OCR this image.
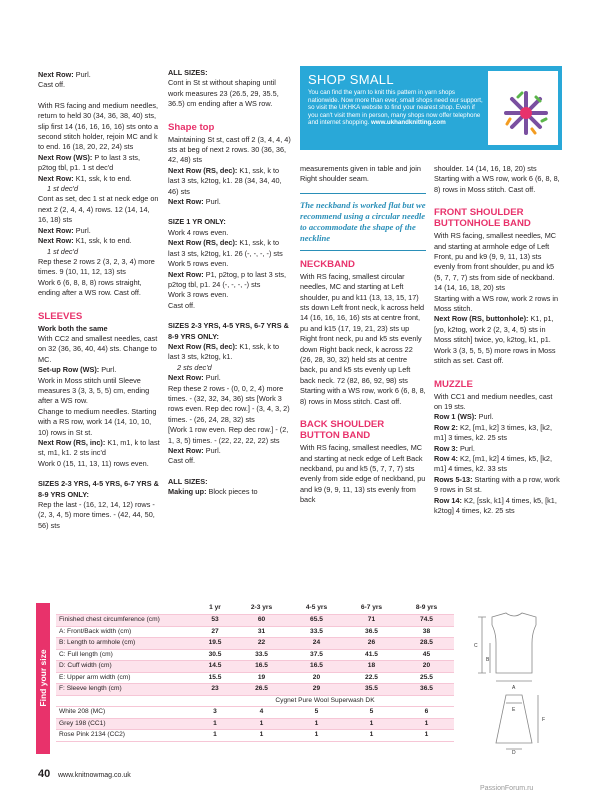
Next Row: Purl.

Cast off.

With RS facing and medium needles, return to held 30 (34, 36, 38, 40) sts, slip first 14 (16, 16, 16, 16) sts onto a second stitch holder, rejoin MC and k to end. 16 (18, 20, 22, 24) sts

Next Row (WS): P to last 3 sts, p2tog tbl, p1. 1 st dec'd

Next Row: K1, ssk, k to end.

1 st dec'd

Cont as set, dec 1 st at neck edge on next 2 (2, 4, 4, 4) rows. 12 (14, 14, 16, 18) sts

Next Row: Purl.

Next Row: K1, ssk, k to end.

1 st dec'd

Rep these 2 rows 2 (3, 2, 3, 4) more times. 9 (10, 11, 12, 13) sts

Work 6 (6, 8, 8, 8) rows straight, ending after a WS row. Cast off.

SLEEVES

Work both the same

With CC2 and smallest needles, cast on 32 (36, 36, 40, 44) sts. Change to MC.

Set-up Row (WS): Purl.

Work in Moss stitch until Sleeve measures 3 (3, 3, 5, 5) cm, ending after a WS row.

Change to medium needles. Starting with a RS row, work 14 (14, 10, 10, 10) rows in St st.

Next Row (RS, inc): K1, m1, k to last st, m1, k1. 2 sts inc'd

Work 0 (15, 11, 13, 11) rows even.

SIZES 2-3 YRS, 4-5 YRS, 6-7 YRS & 8-9 YRS ONLY:

Rep the last - (16, 12, 14, 12) rows - (2, 3, 4, 5) more times. - (42, 44, 50, 56) sts

ALL SIZES:

Cont in St st without shaping until work measures 23 (26.5, 29, 35.5, 36.5) cm ending after a WS row.

Shape top

Maintaining St st, cast off 2 (3, 4, 4, 4) sts at beg of next 2 rows. 30 (36, 36, 42, 48) sts

Next Row (RS, dec): K1, ssk, k to last 3 sts, k2tog, k1. 28 (34, 34, 40, 46) sts

Next Row: Purl.

SIZE 1 YR ONLY:

Work 4 rows even.

Next Row (RS, dec): K1, ssk, k to last 3 sts, k2tog, k1. 26 (-, -, -, -) sts

Work 5 rows even.

Next Row: P1, p2tog, p to last 3 sts, p2tog tbl, p1. 24 (-, -, -, -) sts

Work 3 rows even.

Cast off.

SIZES 2-3 YRS, 4-5 YRS, 6-7 YRS & 8-9 YRS ONLY:

Next Row (RS, dec): K1, ssk, k to last 3 sts, k2tog, k1.

2 sts dec'd

Next Row: Purl.

Rep these 2 rows - (0, 0, 2, 4) more times. - (32, 32, 34, 36) sts [Work 3 rows even. Rep dec row.] - (3, 4, 3, 2) times. - (26, 24, 28, 32) sts

[Work 1 row even. Rep dec row.] - (2, 1, 3, 5) times. - (22, 22, 22, 22) sts

Next Row: Purl.

Cast off.

ALL SIZES:

Making up: Block pieces to

measurements given in table and join Right shoulder seam.

The neckband is worked flat but we recommend using a circular needle to accommodate the shape of the neckline
NECKBAND

With RS facing, smallest circular needles, MC and starting at Left shoulder, pu and k11 (13, 13, 15, 17) sts down Left front neck, k across held 14 (16, 16, 16, 16) sts at centre front, pu and k15 (17, 19, 21, 23) sts up Right front neck, pu and k5 sts evenly down Right back neck, k across 22 (26, 28, 30, 32) held sts at centre back, pu and k5 sts evenly up Left back neck. 72 (82, 86, 92, 98) sts

Starting with a WS row, work 6 (6, 8, 8, 8) rows in Moss stitch. Cast off.

BACK SHOULDER BUTTON BAND

With RS facing, smallest needles, MC and starting at neck edge of Left Back neckband, pu and k5 (5, 7, 7, 7) sts evenly from side edge of neckband, pu and k9 (9, 9, 11, 13) sts evenly from back

shoulder. 14 (14, 16, 18, 20) sts Starting with a WS row, work 6 (6, 8, 8, 8) rows in Moss stitch. Cast off.

FRONT SHOULDER BUTTONHOLE BAND

With RS facing, smallest needles, MC and starting at armhole edge of Left Front, pu and k9 (9, 9, 11, 13) sts evenly from front shoulder, pu and k5 (5, 7, 7, 7) sts from side of neckband. 14 (14, 16, 18, 20) sts

Starting with a WS row, work 2 rows in Moss stitch.

Next Row (RS, buttonhole): K1, p1, [yo, k2tog, work 2 (2, 3, 4, 5) sts in Moss stitch] twice, yo, k2tog, k1, p1.

Work 3 (3, 5, 5, 5) more rows in Moss stitch as set. Cast off.

MUZZLE

With CC1 and medium needles, cast on 19 sts.

Row 1 (WS): Purl.

Row 2: K2, [m1, k2] 3 times, k3, [k2, m1] 3 times, k2. 25 sts

Row 3: Purl.

Row 4: K2, [m1, k2] 4 times, k5, [k2, m1] 4 times, k2. 33 sts

Rows 5-13: Starting with a p row, work 9 rows in St st.

Row 14: K2, [ssk, k1] 4 times, k5, [k1, k2tog] 4 times, k2. 25 sts

SHOP SMALL
You can find the yarn to knit this pattern in yarn shops nationwide. Now more than ever, small shops need our support, so visit the UKHKA website to find your nearest shop. Even if you can't visit them in person, many shops now offer telephone and internet shopping. www.ukhandknitting.com
Find your size
	1 yr	2-3 yrs	4-5 yrs	6-7 yrs	8-9 yrs
Finished chest circumference (cm)	53	60	65.5	71	74.5
A: Front/Back width (cm)	27	31	33.5	36.5	38
B: Length to armhole (cm)	19.5	22	24	26	28.5
C: Full length (cm)	30.5	33.5	37.5	41.5	45
D: Cuff width (cm)	14.5	16.5	16.5	18	20
E: Upper arm width (cm)	15.5	19	20	22.5	25.5
F: Sleeve length (cm)	23	26.5	29	35.5	36.5
	Cygnet Pure Wool Superwash DK				
White 208 (MC)	3	4	5	5	6
Grey 198 (CC1)	1	1	1	1	1
Rose Pink 2134 (CC2)	1	1	1	1	1
C
B
A
E
F
D
40 www.knitnowmag.co.uk
PassionForum.ru
